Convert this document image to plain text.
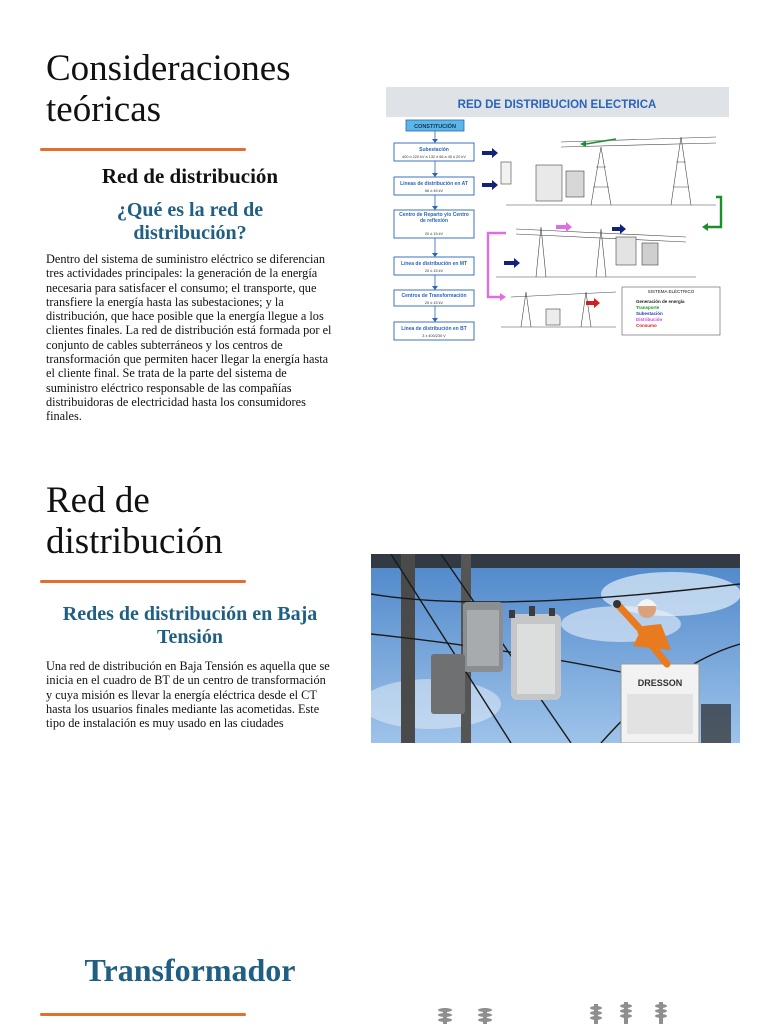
Consideraciones
teóricas
Red de distribución
¿Qué es la red de
distribución?

Dentro del sistema de suministro eléctrico se diferencian tres actividades principales: la generación de la energía necesaria para satisfacer el consumo; el transporte, que transfiere la energía hasta las subestaciones; y la distribución, que hace posible que la energía llegue a los clientes finales. La red de distribución está formada por el conjunto de cables subterráneos y los centros de transformación que permiten hacer llegar la energía hasta el cliente final. Se trata de la parte del sistema de suministro eléctrico responsable de las compañías distribuidoras de electricidad hasta los consumidores finales.

RED DE DISTRIBUCION ELECTRICA
CONSTITUCIÓN
Subestación
400 ó 220 kV a 132 ó 66 a 45 ó 20 kV
Lineas de distribución en AT
66 ó 45 kV
Centro de Reparto y/o Centro de reflexión
20 ó 15 kV
Línea de distribución en MT
20 ó 15 kV
Centros de Transformación
20 ó 15 kV
Línea de distribución en BT
3 x 400/230 V
SISTEMA ELÉCTRICO
Generación de energía
Transporte
Subestación
Distribución
Consumo
Red de
distribución
Redes de distribución en Baja
Tensión

Una red de distribución en Baja Tensión es aquella que se inicia en el cuadro de BT de un centro de transformación y cuya misión es llevar la energía eléctrica desde el CT hasta los usuarios finales mediante las acometidas. Este tipo de instalación es muy usado en las ciudades

DRESSON
Transformador
